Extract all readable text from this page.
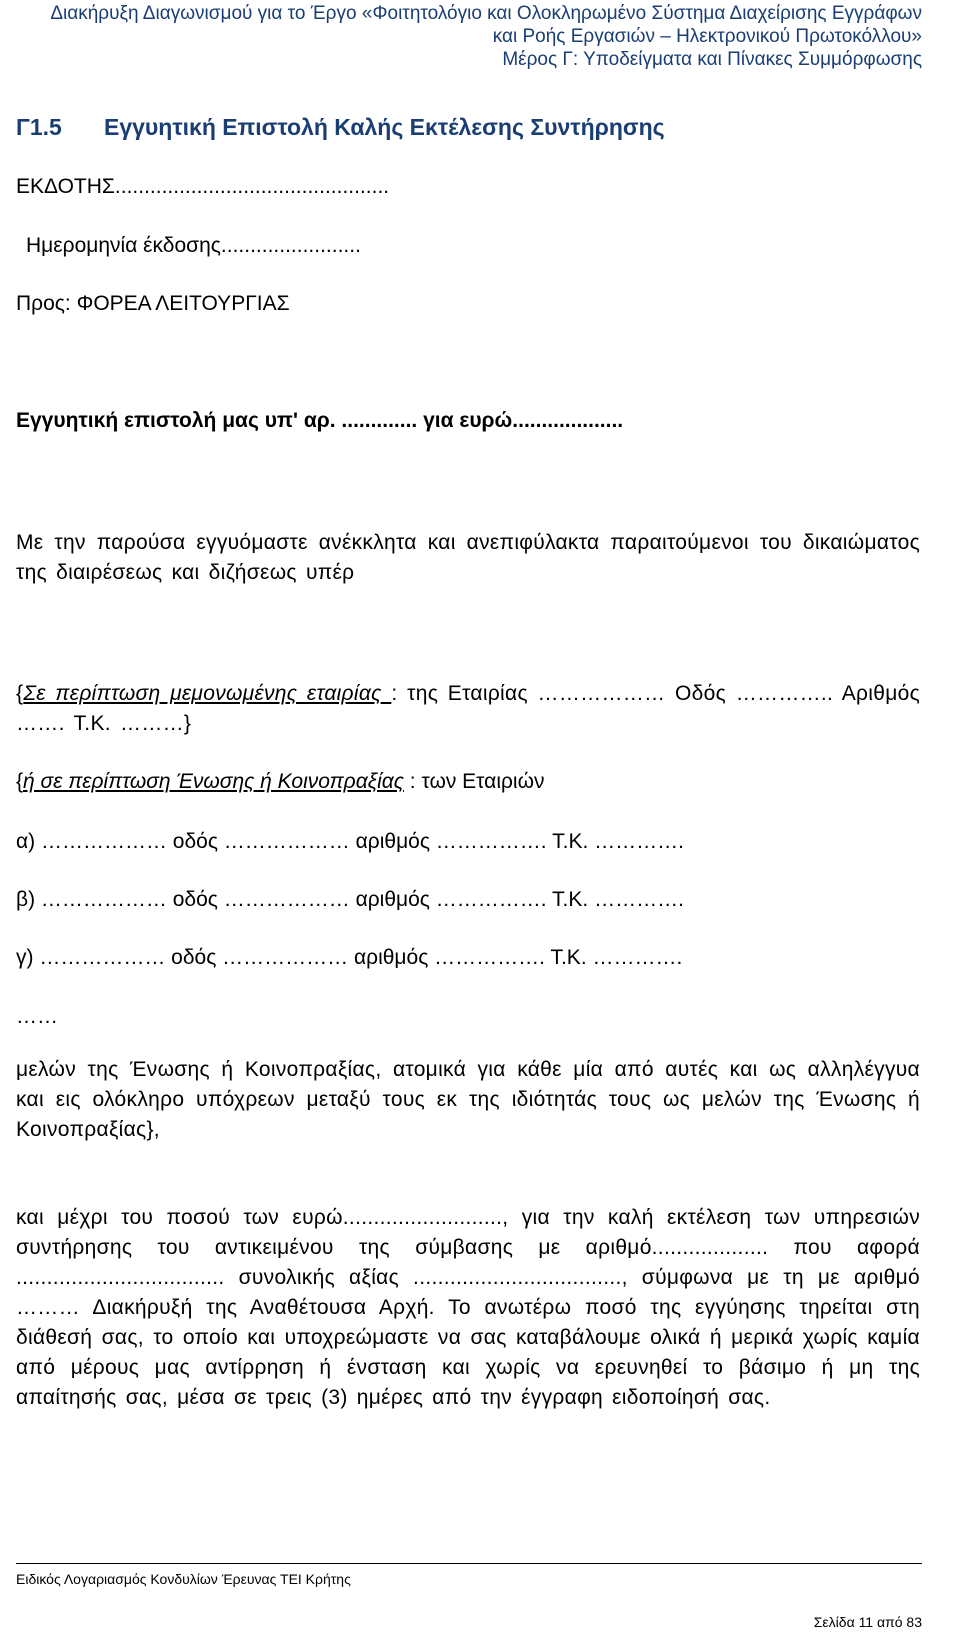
Διακήρυξη Διαγωνισμού για το Έργο «Φοιτητολόγιο και Ολοκληρωμένο Σύστημα Διαχείρισης Εγγράφων
και Ροής Εργασιών – Ηλεκτρονικού Πρωτοκόλλου»
Μέρος Γ: Υποδείγματα και Πίνακες Συμμόρφωσης
Γ1.5 Εγγυητική Επιστολή Καλής Εκτέλεσης Συντήρησης
ΕΚΔΟΤΗΣ...............................................
Ημερομηνία έκδοσης........................
Προς: ΦΟΡΕΑ ΛΕΙΤΟΥΡΓΙΑΣ
Εγγυητική επιστολή μας υπ' αρ. ............. για ευρώ...................
Με την παρούσα εγγυόμαστε ανέκκλητα και ανεπιφύλακτα παραιτούμενοι του δικαιώματος της διαιρέσεως και διζήσεως υπέρ
{Σε περίπτωση μεμονωμένης εταιρίας : της Εταιρίας ……………… Οδός ………….. Αριθμός ……. Τ.Κ. ………}
{ή σε περίπτωση Ένωσης ή Κοινοπραξίας : των Εταιριών
α) ……………… οδός ……………… αριθμός ……………. Τ.Κ. ………….
β) ……………… οδός ……………… αριθμός ……………. Τ.Κ. ………….
γ) ……………… οδός ……………… αριθμός ……………. Τ.Κ. ………….
……
μελών της Ένωσης ή Κοινοπραξίας, ατομικά για κάθε μία από αυτές και ως αλληλέγγυα και εις ολόκληρο υπόχρεων μεταξύ τους εκ της ιδιότητάς τους ως μελών της Ένωσης ή Κοινοπραξίας},
και μέχρι του ποσού των ευρώ.........................., για την καλή εκτέλεση των υπηρεσιών συντήρησης του αντικειμένου της σύμβασης με αριθμό................... που αφορά .................................. συνολικής αξίας .................................., σύμφωνα με τη με αριθμό ……… Διακήρυξή της Αναθέτουσα Αρχή. Το ανωτέρω ποσό της εγγύησης τηρείται στη διάθεσή σας, το οποίο και υποχρεώμαστε να σας καταβάλουμε ολικά ή μερικά χωρίς καμία από μέρους μας αντίρρηση ή ένσταση και χωρίς να ερευνηθεί το βάσιμο ή μη της απαίτησής σας, μέσα σε τρεις (3) ημέρες από την έγγραφη ειδοποίησή σας.
Ειδικός Λογαριασμός Κονδυλίων Έρευνας ΤΕΙ Κρήτης
Σελίδα 11 από 83
